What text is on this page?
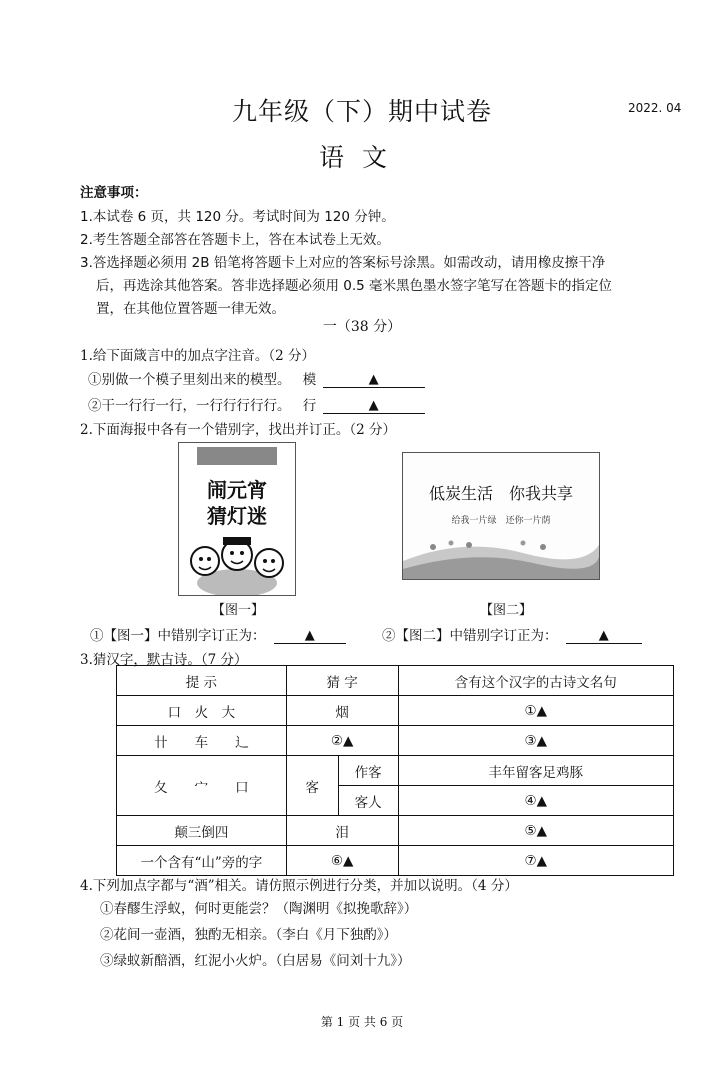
九年级（下）期中试卷	2022. 04
语文
注意事项：
1.本试卷 6 页，共 120 分。考试时间为 120 分钟。
2.考生答题全部答在答题卡上，答在本试卷上无效。
3.答选择题必须用 2B 铅笔将答题卡上对应的答案标号涂黑。如需改动，请用橡皮擦干净
后，再选涂其他答案。答非选择题必须用 0.5 毫米黑色墨水签字笔写在答题卡的指定位
置，在其他位置答题一律无效。
一（38 分）
1.给下面箴言中的加点字注音。（2 分）
①别做一个模子里刻出来的模型。 模	▲
②干一行行一行，一行行行行行。 行	▲
2.下面海报中各有一个错别字，找出并订正。（2 分）
闹元宵
猜灯迷
低炭生活　你我共享
给我一片绿　还你一片荫
【图一】	【图二】
①【图一】中错别字订正为：	▲	②【图二】中错别字订正为：	▲
3.猜汉字，默古诗。（7 分）
提 示	猜 字		含有这个汉字的古诗文名句
口　火　大	烟		①▲
卄　　车　　辶	②▲		③▲
夂　　宀　　口	客	作客	丰年留客足鸡豚
		客人	④▲
颠三倒四	泪		⑤▲
一个含有“山”旁的字	⑥▲		⑦▲
4.下列加点字都与“酒”相关。请仿照示例进行分类，并加以说明。（4 分）
①春醪生浮蚁，何时更能尝？（陶渊明《拟挽歌辞》）
②花间一壶酒，独酌无相亲。（李白《月下独酌》）
③绿蚁新醅酒，红泥小火炉。（白居易《问刘十九》）
第 1 页 共 6 页
